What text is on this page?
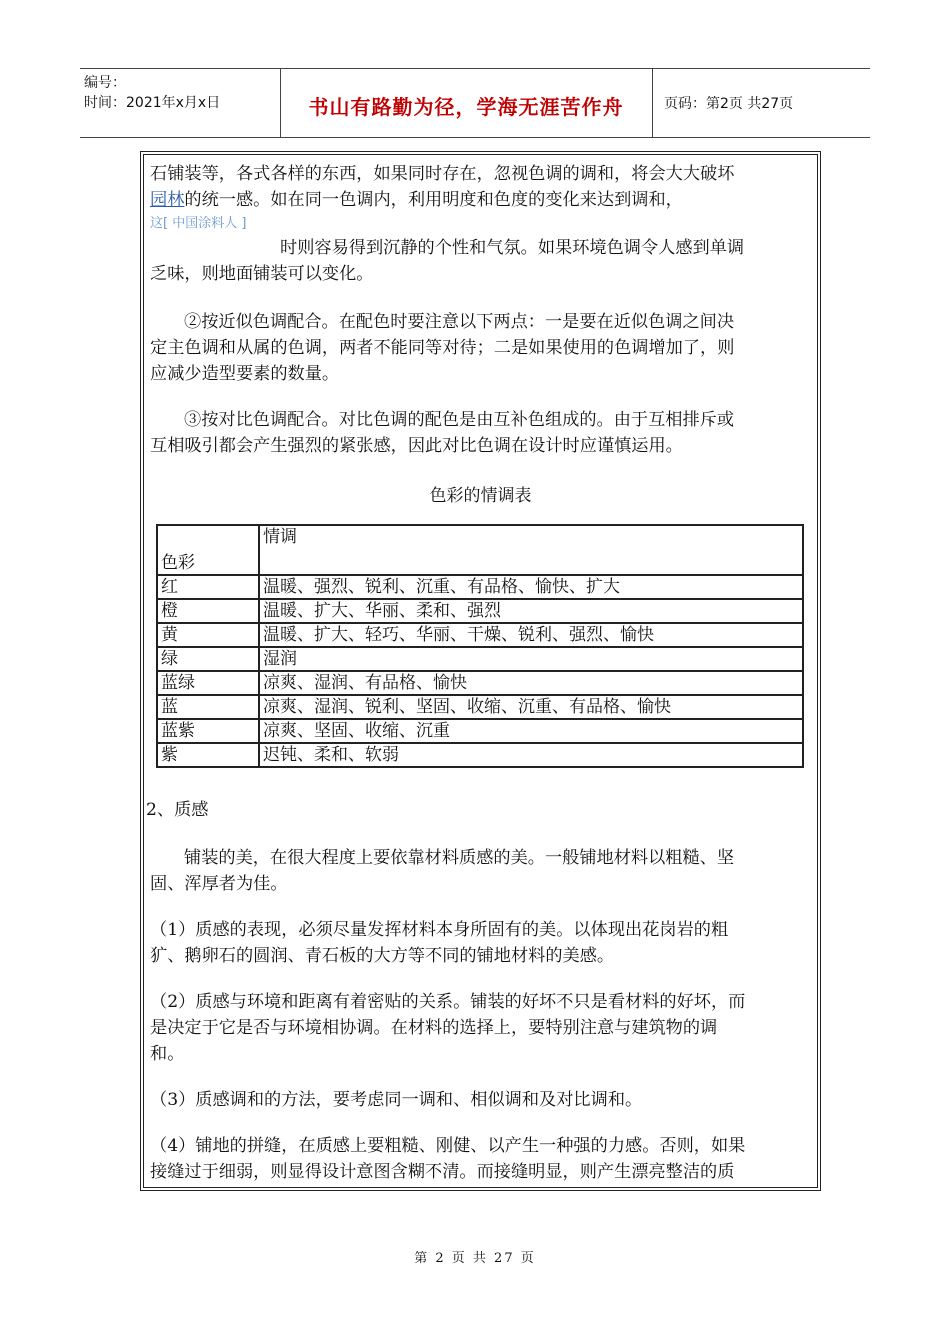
编号：
时间：2021年x月x日	书山有路勤为径，学海无涯苦作舟	页码：第2页 共27页
石铺装等，各式各样的东西，如果同时存在，忽视色调的调和，将会大大破坏
园林的统一感。如在同一色调内，利用明度和色度的变化来达到调和，
这[ 中国涂料人 ]
时则容易得到沉静的个性和气氛。如果环境色调令人感到单调
乏味，则地面铺装可以变化。
②按近似色调配合。在配色时要注意以下两点：一是要在近似色调之间决
定主色调和从属的色调，两者不能同等对待；二是如果使用的色调增加了，则
应减少造型要素的数量。
③按对比色调配合。对比色调的配色是由互补色组成的。由于互相排斥或
互相吸引都会产生强烈的紧张感，因此对比色调在设计时应谨慎运用。
色彩的情调表
色彩	情调
红	温暖、强烈、锐利、沉重、有品格、愉快、扩大
橙	温暖、扩大、华丽、柔和、强烈
黄	温暖、扩大、轻巧、华丽、干燥、锐利、强烈、愉快
绿	湿润
蓝绿	凉爽、湿润、有品格、愉快
蓝	凉爽、湿润、锐利、坚固、收缩、沉重、有品格、愉快
蓝紫	凉爽、坚固、收缩、沉重
紫	迟钝、柔和、软弱
2、质感
铺装的美，在很大程度上要依靠材料质感的美。一般铺地材料以粗糙、坚
固、浑厚者为佳。
（1）质感的表现，必须尽量发挥材料本身所固有的美。以体现出花岗岩的粗
犷、鹅卵石的圆润、青石板的大方等不同的铺地材料的美感。
（2）质感与环境和距离有着密贴的关系。铺装的好坏不只是看材料的好坏，而
是决定于它是否与环境相协调。在材料的选择上，要特别注意与建筑物的调
和。
（3）质感调和的方法，要考虑同一调和、相似调和及对比调和。
（4）铺地的拼缝，在质感上要粗糙、刚健、以产生一种强的力感。否则，如果
接缝过于细弱，则显得设计意图含糊不清。而接缝明显，则产生漂亮整洁的质
第 2 页 共 27 页
